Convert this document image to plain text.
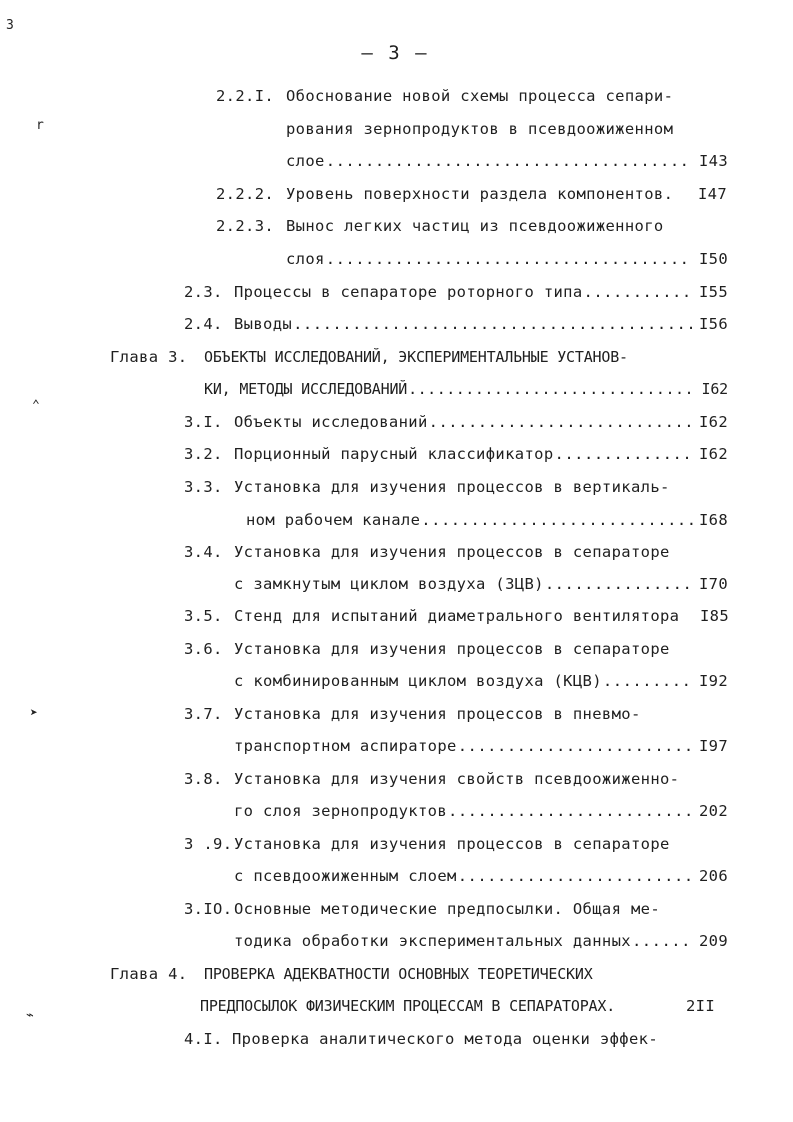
3
r
⌃
➤
⌁
– 3 –
2.2.I. Обоснование новой схемы процесса сепари-
рования зернопродуктов в псевдоожиженном
слое .....	I43
2.2.2. Уровень поверхности раздела компонентов. I47
2.2.3. Вынос легких частиц из псевдоожиженного
слоя .....	I50
2.3. Процессы в сепараторе роторного типа .....	I55
2.4. Выводы .....	I56
Глава 3. ОБЪЕКТЫ ИССЛЕДОВАНИЙ, ЭКСПЕРИМЕНТАЛЬНЫЕ УСТАНОВ-
КИ, МЕТОДЫ ИССЛЕДОВАНИЙ .....	I62
3.I. Объекты исследований .....	I62
3.2. Порционный парусный классификатор .....	I62
3.3. Установка для изучения процессов в вертикаль-
ном рабочем канале .....	I68
3.4. Установка для изучения процессов в сепараторе
с замкнутым циклом воздуха (ЗЦВ) .....	I70
3.5. Стенд для испытаний диаметрального вентилятора I85
3.6. Установка для изучения процессов в сепараторе
с комбинированным циклом воздуха (КЦВ) .....	I92
3.7. Установка для изучения процессов в пневмо-
транспортном аспираторе .....	I97
3.8. Установка для изучения свойств псевдоожиженно-
го слоя зернопродуктов .....	202
3 .9. Установка для изучения процессов в сепараторе
с псевдоожиженным слоем .....	206
3.IO. Основные методические предпосылки. Общая ме-
тодика обработки экспериментальных данных .....	209
Глава 4. ПРОВЕРКА АДЕКВАТНОСТИ ОСНОВНЫХ ТЕОРЕТИЧЕСКИХ
ПРЕДПОСЫЛОК ФИЗИЧЕСКИМ ПРОЦЕССАМ В СЕПАРАТОРАХ.	2II
4.I. Проверка аналитического метода оценки эффек-
